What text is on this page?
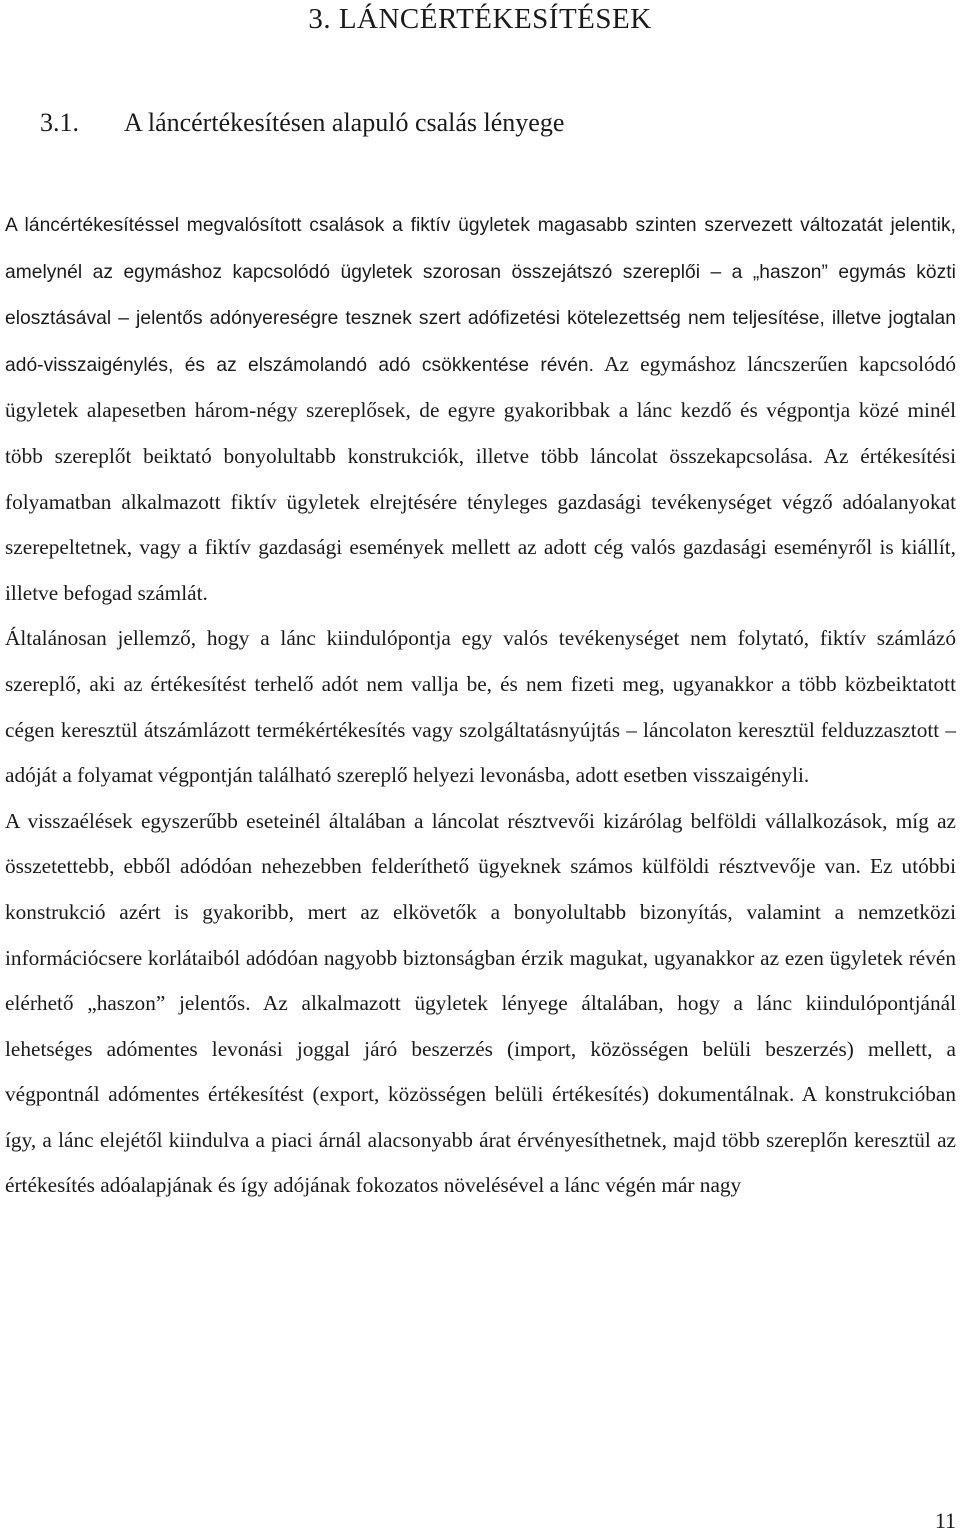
3. LÁNCÉRTÉKESÍTÉSEK
3.1. A láncértékesítésen alapuló csalás lényege

A láncértékesítéssel megvalósított csalások a fiktív ügyletek magasabb szinten szervezett változatát jelentik, amelynél az egymáshoz kapcsolódó ügyletek szorosan összejátszó szereplői – a „haszon” egymás közti elosztásával – jelentős adónyereségre tesznek szert adófizetési kötelezettség nem teljesítése, illetve jogtalan adó-visszaigénylés, és az elszámolandó adó csökkentése révén. Az egymáshoz láncszerűen kapcsolódó ügyletek alapesetben három-négy szereplősek, de egyre gyakoribbak a lánc kezdő és végpontja közé minél több szereplőt beiktató bonyolultabb konstrukciók, illetve több láncolat összekapcsolása. Az értékesítési folyamatban alkalmazott fiktív ügyletek elrejtésére tényleges gazdasági tevékenységet végző adóalanyokat szerepeltetnek, vagy a fiktív gazdasági események mellett az adott cég valós gazdasági eseményről is kiállít, illetve befogad számlát.

Általánosan jellemző, hogy a lánc kiindulópontja egy valós tevékenységet nem folytató, fiktív számlázó szereplő, aki az értékesítést terhelő adót nem vallja be, és nem fizeti meg, ugyanakkor a több közbeiktatott cégen keresztül átszámlázott termékértékesítés vagy szolgáltatásnyújtás – láncolaton keresztül felduzzasztott – adóját a folyamat végpontján található szereplő helyezi levonásba, adott esetben visszaigényli.

A visszaélések egyszerűbb eseteinél általában a láncolat résztvevői kizárólag belföldi vállalkozások, míg az összetettebb, ebből adódóan nehezebben felderíthető ügyeknek számos külföldi résztvevője van. Ez utóbbi konstrukció azért is gyakoribb, mert az elkövetők a bonyolultabb bizonyítás, valamint a nemzetközi információcsere korlátaiból adódóan nagyobb biztonságban érzik magukat, ugyanakkor az ezen ügyletek révén elérhető „haszon” jelentős. Az alkalmazott ügyletek lényege általában, hogy a lánc kiindulópontjánál lehetséges adómentes levonási joggal járó beszerzés (import, közösségen belüli beszerzés) mellett, a végpontnál adómentes értékesítést (export, közösségen belüli értékesítés) dokumentálnak. A konstrukcióban így, a lánc elejétől kiindulva a piaci árnál alacsonyabb árat érvényesíthetnek, majd több szereplőn keresztül az értékesítés adóalapjának és így adójának fokozatos növelésével a lánc végén már nagy

11
